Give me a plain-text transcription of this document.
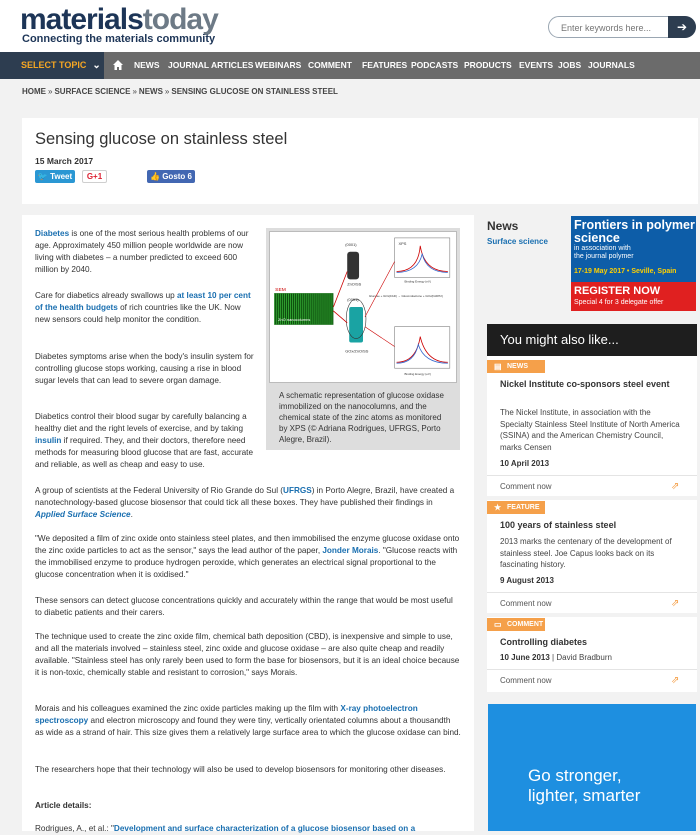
materialstoday
Connecting the materials community
Enter keywords here...
➔
SELECT TOPIC ⌄	NEWS JOURNAL ARTICLES WEBINARS COMMENT FEATURES PODCASTS PRODUCTS EVENTS JOBS JOURNALS
HOME » SURFACE SCIENCE » NEWS » SENSING GLUCOSE ON STAINLESS STEEL
Sensing glucose on stainless steel
15 March 2017
🐦 Tweet	G+1	👍 Gosto 6
SEM
ZnO nanocolumns
(0001)
ZnO/SS
(0001)
GOx/ZnO/SS
XPS
Binding Energy (eV)
Glucose + GOx(FAD) → Gluconolactone + GOx(FADH2)
Binding Energy (eV)
A schematic representation of glucose oxidase immobilized on the nanocolumns, and the chemical state of the zinc atoms as monitored by XPS (© Adriana Rodrigues, UFRGS, Porto Alegre, Brazil).

Diabetes is one of the most serious health problems of our age. Approximately 450 million people worldwide are now living with diabetes – a number predicted to exceed 600 million by 2040.

Care for diabetics already swallows up at least 10 per cent of the health budgets of rich countries like the UK. Now new sensors could help monitor the condition.

Diabetes symptoms arise when the body's insulin system for controlling glucose stops working, causing a rise in blood sugar levels that can lead to severe organ damage.

Diabetics control their blood sugar by carefully balancing a healthy diet and the right levels of exercise, and by taking insulin if required. They, and their doctors, therefore need methods for measuring blood glucose that are fast, accurate and reliable, as well as cheap and easy to use.

A group of scientists at the Federal University of Rio Grande do Sul (UFRGS) in Porto Alegre, Brazil, have created a nanotechnology-based glucose biosensor that could tick all these boxes. They have published their findings in Applied Surface Science.

"We deposited a film of zinc oxide onto stainless steel plates, and then immobilised the enzyme glucose oxidase onto the zinc oxide particles to act as the sensor," says the lead author of the paper, Jonder Morais. "Glucose reacts with the immobilised enzyme to produce hydrogen peroxide, which generates an electrical signal proportional to the glucose concentration when it is oxidised."

These sensors can detect glucose concentrations quickly and accurately within the range that would be most useful to diabetic patients and their carers.

The technique used to create the zinc oxide film, chemical bath deposition (CBD), is inexpensive and simple to use, and all the materials involved – stainless steel, zinc oxide and glucose oxidase – are also quite cheap and readily available. "Stainless steel has only rarely been used to form the base for biosensors, but it is an ideal choice because it is non-toxic, chemically stable and resistant to corrosion," says Morais.

Morais and his colleagues examined the zinc oxide particles making up the film with X-ray photoelectron spectroscopy and electron microscopy and found they were tiny, vertically orientated columns about a thousandth as wide as a strand of hair. This size gives them a relatively large surface area to which the glucose oxidase can bind.

The researchers hope that their technology will also be used to develop biosensors for monitoring other diseases.

Article details:

Rodrigues, A., et al.: "Development and surface characterization of a glucose biosensor based on a

News
Surface science
Frontiers in polymer science
in association with
the journal polymer
17-19 May 2017 • Seville, Spain
REGISTER NOW
Special 4 for 3 delegate offer
You might also like...
▤ NEWS
Nickel Institute co-sponsors steel event
The Nickel Institute, in association with the Specialty Stainless Steel Institute of North America (SSINA) and the American Chemistry Council, marks Censen
10 April 2013
Comment now	⇗
★ FEATURE
100 years of stainless steel
2013 marks the centenary of the development of stainless steel. Joe Capus looks back on its fascinating history.
9 August 2013
Comment now	⇗
▭ COMMENT
Controlling diabetes
10 June 2013 | David Bradburn
Comment now	⇗
Go stronger,
lighter, smarter
